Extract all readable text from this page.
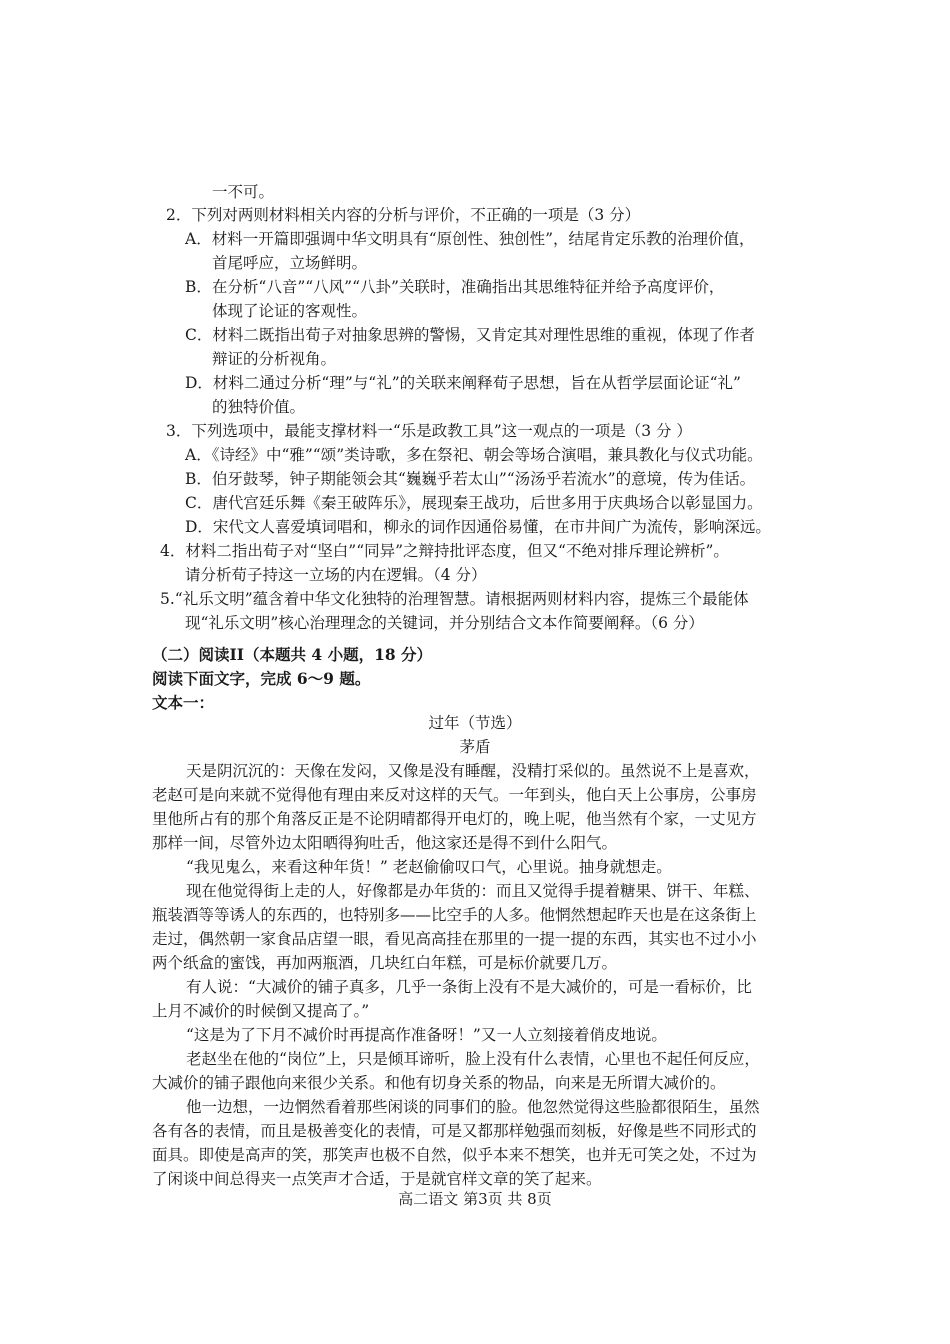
一不可。
2．下列对两则材料相关内容的分析与评价，不正确的一项是（3 分）
A．材料一开篇即强调中华文明具有“原创性、独创性”，结尾肯定乐教的治理价值，
首尾呼应，立场鲜明。
B．在分析“八音”“八风”“八卦”关联时，准确指出其思维特征并给予高度评价，
体现了论证的客观性。
C．材料二既指出荀子对抽象思辨的警惕，又肯定其对理性思维的重视，体现了作者
辩证的分析视角。
D．材料二通过分析“理”与“礼”的关联来阐释荀子思想，旨在从哲学层面论证“礼”
的独特价值。
3．下列选项中，最能支撑材料一“乐是政教工具”这一观点的一项是（3 分 ）
A．《诗经》中“雅”“颂”类诗歌，多在祭祀、朝会等场合演唱，兼具教化与仪式功能。
B．伯牙鼓琴，钟子期能领会其“巍巍乎若太山”“汤汤乎若流水”的意境，传为佳话。
C．唐代宫廷乐舞《秦王破阵乐》，展现秦王战功，后世多用于庆典场合以彰显国力。
D．宋代文人喜爱填词唱和，柳永的词作因通俗易懂，在市井间广为流传，影响深远。
4．材料二指出荀子对“坚白”“同异”之辩持批评态度，但又“不绝对排斥理论辨析”。
请分析荀子持这一立场的内在逻辑。（4 分）
5.“礼乐文明”蕴含着中华文化独特的治理智慧。请根据两则材料内容，提炼三个最能体
现“礼乐文明”核心治理理念的关键词，并分别结合文本作简要阐释。（6 分）
（二）阅读II（本题共 4 小题，18 分）
阅读下面文字，完成 6～9 题。
文本一：
过年（节选）
茅盾
天是阴沉沉的：天像在发闷，又像是没有睡醒，没精打采似的。虽然说不上是喜欢，
老赵可是向来就不觉得他有理由来反对这样的天气。一年到头，他白天上公事房，公事房
里他所占有的那个角落反正是不论阴晴都得开电灯的，晚上呢，他当然有个家，一丈见方
那样一间，尽管外边太阳晒得狗吐舌，他这家还是得不到什么阳气。
“我见鬼么，来看这种年货！” 老赵偷偷叹口气，心里说。抽身就想走。
现在他觉得街上走的人，好像都是办年货的：而且又觉得手提着糖果、饼干、年糕、
瓶装酒等等诱人的东西的，也特别多——比空手的人多。他惘然想起昨天也是在这条街上
走过，偶然朝一家食品店望一眼，看见高高挂在那里的一提一提的东西，其实也不过小小
两个纸盒的蜜饯，再加两瓶酒，几块红白年糕，可是标价就要几万。
有人说：“大减价的铺子真多，几乎一条街上没有不是大减价的，可是一看标价，比
上月不减价的时候倒又提高了。”
“这是为了下月不减价时再提高作准备呀！”又一人立刻接着俏皮地说。
老赵坐在他的“岗位”上，只是倾耳谛听，脸上没有什么表情，心里也不起任何反应，
大减价的铺子跟他向来很少关系。和他有切身关系的物品，向来是无所谓大减价的。
他一边想，一边惘然看着那些闲谈的同事们的脸。他忽然觉得这些脸都很陌生，虽然
各有各的表情，而且是极善变化的表情，可是又都那样勉强而刻板，好像是些不同形式的
面具。即使是高声的笑，那笑声也极不自然，似乎本来不想笑，也并无可笑之处，不过为
了闲谈中间总得夹一点笑声才合适，于是就官样文章的笑了起来。
高二语文 第3页 共 8页
